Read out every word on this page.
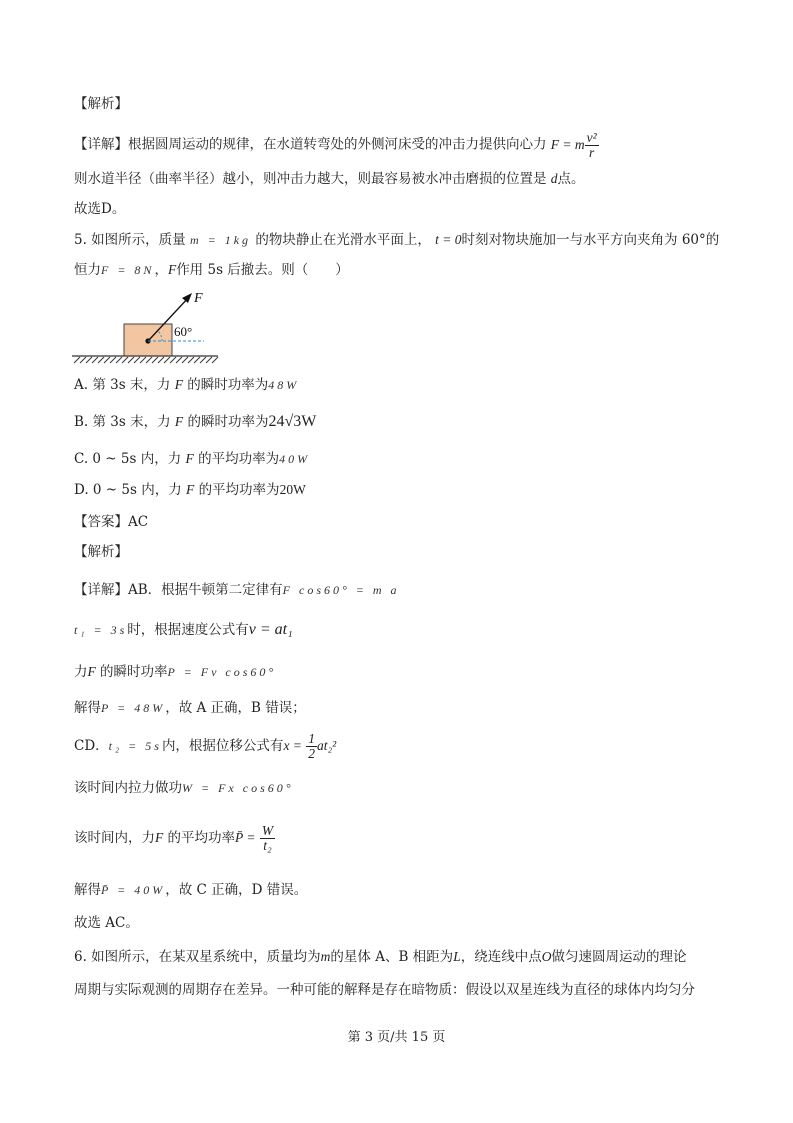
【解析】
【详解】根据圆周运动的规律，在水道转弯处的外侧河床受的冲击力提供向心力 F = m $\frac{\text{v²}}{r}$
则水道半径（曲率半径）越小，则冲击力越大，则最容易被水冲击磨损的位置是 d点。
故选D。
5. 如图所示，质量 m = 1kg 的物块静止在光滑水平面上， t = 0时刻对物块施加一与水平方向夹角为 60°的
恒力F = 8N，F作用 5s 后撤去。则（　　）
F
60°
A. 第 3s 末，力 F 的瞬时功率为48W
B. 第 3s 末，力 F 的瞬时功率为24√3W
C. 0 ~ 5s 内，力 F 的平均功率为40W
D. 0 ~ 5s 内，力 F 的平均功率为20W
【答案】AC
【解析】
【详解】AB．根据牛顿第二定律有F cos60° = m a
t₁ = 3s时，根据速度公式有v = at₁
力F 的瞬时功率P = Fv cos60°
解得P = 48W，故 A 正确，B 错误；
CD．t₂ = 5s内，根据位移公式有$x = \frac{1}{2} at_2^2$
该时间内拉力做功W = Fx cos60°
该时间内，力F 的平均功率P̄ = $\frac{W}{\text{t₂}}$
解得P̄ = 40W，故 C 正确，D 错误。
故选 AC。
6. 如图所示，在某双星系统中，质量均为m的星体 A、B 相距为L，绕连线中点O做匀速圆周运动的理论
周期与实际观测的周期存在差异。一种可能的解释是存在暗物质：假设以双星连线为直径的球体内均匀分
第 3 页/共 15 页
